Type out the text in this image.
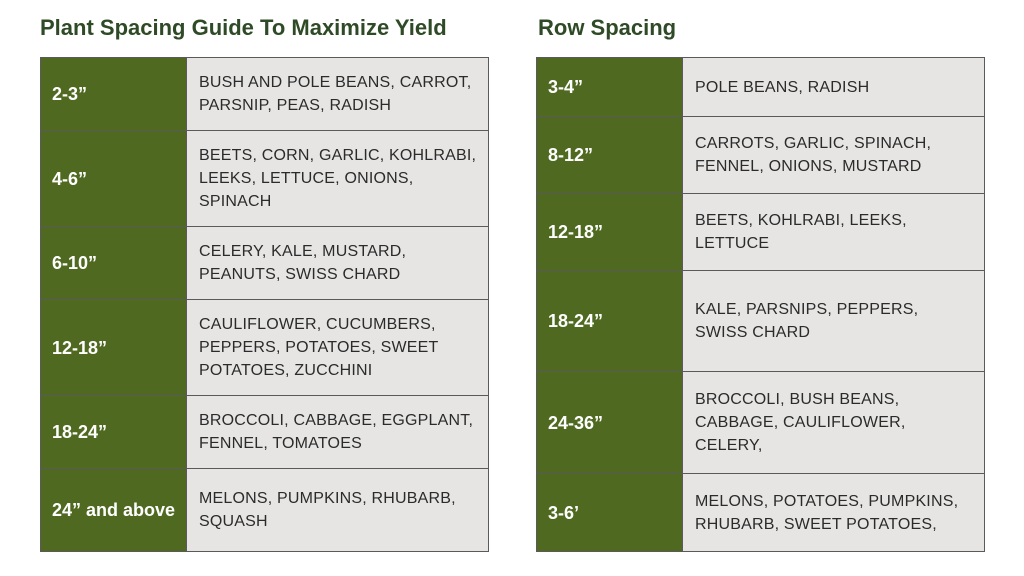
Plant Spacing Guide To Maximize Yield	Row Spacing
2-3”
BUSH AND POLE BEANS, CARROT, PARSNIP, PEAS, RADISH
4-6”
BEETS, CORN, GARLIC, KOHLRABI, LEEKS, LETTUCE, ONIONS, SPINACH
6-10”
CELERY, KALE, MUSTARD, PEANUTS, SWISS CHARD
12-18”
CAULIFLOWER, CUCUMBERS, PEPPERS, POTATOES, SWEET POTATOES, ZUCCHINI
18-24”
BROCCOLI, CABBAGE, EGGPLANT, FENNEL, TOMATOES
24” and above
MELONS, PUMPKINS, RHUBARB, SQUASH
3-4”	POLE BEANS, RADISH
8-12”
CARROTS, GARLIC, SPINACH, FENNEL, ONIONS, MUSTARD
12-18”
BEETS, KOHLRABI, LEEKS, LETTUCE
18-24”
KALE, PARSNIPS, PEPPERS, SWISS CHARD
24-36”
BROCCOLI, BUSH BEANS, CABBAGE, CAULIFLOWER, CELERY,
3-6’
MELONS, POTATOES, PUMPKINS, RHUBARB, SWEET POTATOES,
